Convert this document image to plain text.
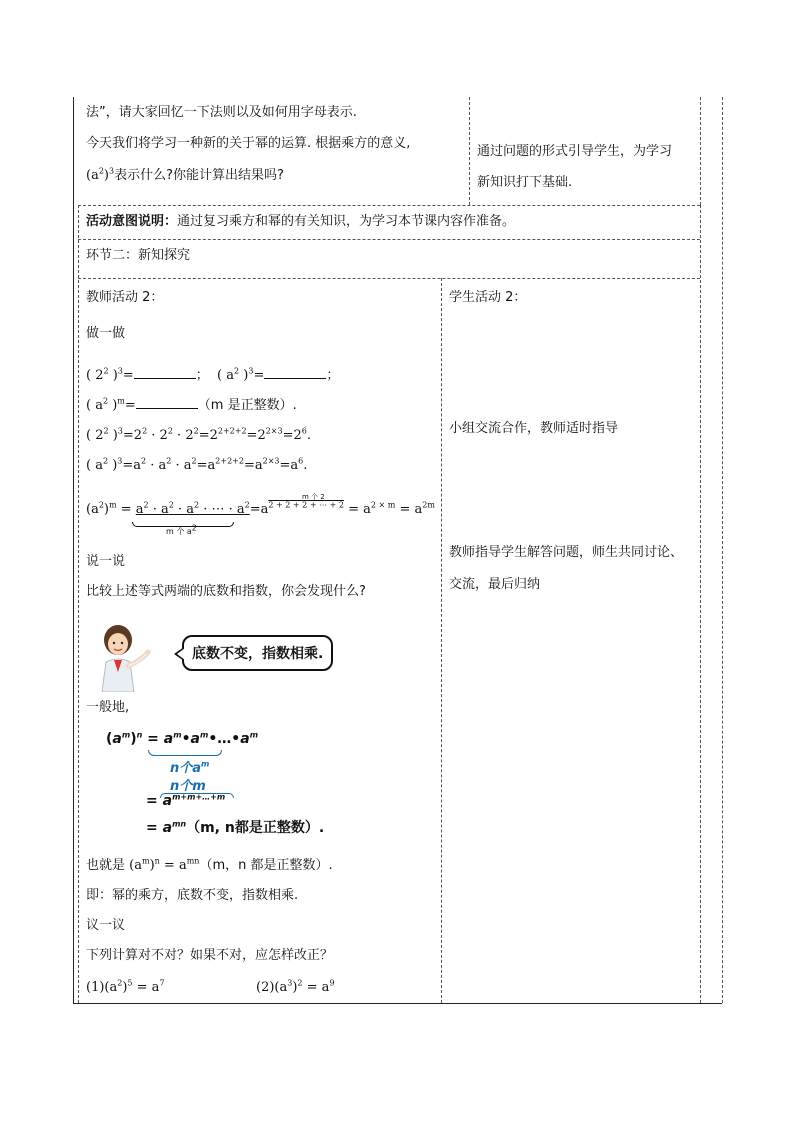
法”，请大家回忆一下法则以及如何用字母表示.
今天我们将学习一种新的关于幂的运算. 根据乘方的意义,
$(a^2)^3$表示什么?你能计算出结果吗?
通过问题的形式引导学生，为学习
新知识打下基础.
活动意图说明：通过复习乘方和幂的有关知识，为学习本节课内容作准备。
环节二：新知探究
教师活动 2：
做一做
( $2^2$ )$^3$=	；  ( $a^2$ )$^3$=	；
( $a^2$ )$^m$=	（m 是正整数）.
( $2^2$ )$^3=2^2 \cdot 2^2 \cdot 2^2=2^{2+2+2}=2^{2\times 3}=2^6$.
( $a^2$ )$^3=a^2 \cdot a^2 \cdot a^2=a^{2+2+2}=a^{2\times 3}=a^6$.
$(a^2)^m = a^2 \cdot a^2 \cdot a^2$ · ⋯ · $a^2=a^{2 + 2 + 2 + \cdots + 2} = a^{2 \times m} = a^{2m}$
m 个 2
m 个 $a^2$
说一说
比较上述等式两端的底数和指数，你会发现什么?
底数不变，指数相乘.
一般地,
$(a^m)^n$ = $a^m•a^m•\dots•a^m$
n个$a^m$
n个m
= $a^{m+m+\dots+m}$
= $a^{mn}(m$, n都是正整数）.
也就是 $(a^m)^n = a^{mn}(m$，n 都是正整数）.
即：幂的乘方，底数不变，指数相乘.
议一议
下列计算对不对？如果不对，应怎样改正？
$(1)(a^2)^5 = a^7$	$(2)(a^3)^2 = a^9$
学生活动 2：
小组交流合作，教师适时指导
教师指导学生解答问题，师生共同讨论、
交流，最后归纳
